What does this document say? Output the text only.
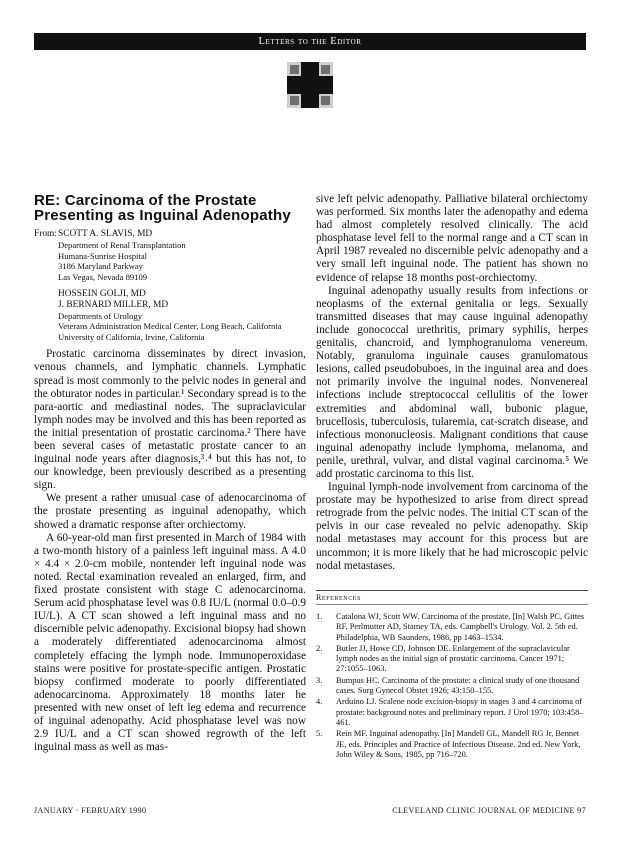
Letters to the Editor
RE: Carcinoma of the Prostate Presenting as Inguinal Adenopathy
From: SCOTT A. SLAVIS, MD
Department of Renal Transplantation
Humana-Sunrise Hospital
3186 Maryland Parkway
Las Vegas, Nevada 89109
HOSSEIN GOLJI, MD
J. BERNARD MILLER, MD
Departments of Urology
Veterans Administration Medical Center, Long Beach, California
University of California, Irvine, California

Prostatic carcinoma disseminates by direct invasion, venous channels, and lymphatic channels. Lymphatic spread is most commonly to the pelvic nodes in general and the obturator nodes in particular.¹ Secondary spread is to the para-aortic and mediastinal nodes. The supraclavicular lymph nodes may be involved and this has been reported as the initial presentation of prostatic carcinoma.² There have been several cases of metastatic prostate cancer to an inguinal node years after diagnosis,³˒⁴ but this has not, to our knowledge, been previously described as a presenting sign.

We present a rather unusual case of adenocarcinoma of the prostate presenting as inguinal adenopathy, which showed a dramatic response after orchiectomy.

A 60-year-old man first presented in March of 1984 with a two-month history of a painless left inguinal mass. A 4.0 × 4.4 × 2.0-cm mobile, nontender left inguinal node was noted. Rectal examination revealed an enlarged, firm, and fixed prostate consistent with stage C adenocarcinoma. Serum acid phosphatase level was 0.8 IU/L (normal 0.0–0.9 IU/L). A CT scan showed a left inguinal mass and no discernible pelvic adenopathy. Excisional biopsy had shown a moderately differentiated adenocarcinoma almost completely effacing the lymph node. Immunoperoxidase stains were positive for prostate-specific antigen. Prostatic biopsy confirmed moderate to poorly differentiated adenocarcinoma. Approximately 18 months later he presented with new onset of left leg edema and recurrence of inguinal adenopathy. Acid phosphatase level was now 2.9 IU/L and a CT scan showed regrowth of the left inguinal mass as well as mas-

sive left pelvic adenopathy. Palliative bilateral orchiectomy was performed. Six months later the adenopathy and edema had almost completely resolved clinically. The acid phosphatase level fell to the normal range and a CT scan in April 1987 revealed no discernible pelvic adenopathy and a very small left inguinal node. The patient has shown no evidence of relapse 18 months post-orchiectomy.

Inguinal adenopathy usually results from infections or neoplasms of the external genitalia or legs. Sexually transmitted diseases that may cause inguinal adenopathy include gonococcal urethritis, primary syphilis, herpes genitalis, chancroid, and lymphogranuloma venereum. Notably, granuloma inguinale causes granulomatous lesions, called pseudobuboes, in the inguinal area and does not primarily involve the inguinal nodes. Nonvenereal infections include streptococcal cellulitis of the lower extremities and abdominal wall, bubonic plague, brucellosis, tuberculosis, tularemia, cat-scratch disease, and infectious mononucleosis. Malignant conditions that cause inguinal adenopathy include lymphoma, melanoma, and penile, urethral, vulvar, and distal vaginal carcinoma.⁵ We add prostatic carcinoma to this list.

Inguinal lymph-node involvement from carcinoma of the prostate may be hypothesized to arise from direct spread retrograde from the pelvic nodes. The initial CT scan of the pelvis in our case revealed no pelvic adenopathy. Skip nodal metastases may account for this process but are uncommon; it is more likely that he had microscopic pelvic nodal metastases.

References
1.	Catalona WJ, Scott WW. Carcinoma of the prostate. [In] Walsh PC, Gittes RF, Perlmutter AD, Stamey TA, eds. Campbell's Urology. Vol. 2. 5th ed. Philadelphia, WB Saunders, 1986, pp 1463–1534.
2.	Butler JJ, Howe CD, Johnson DE. Enlargement of the supraclavicular lymph nodes as the initial sign of prostatic carcinoma. Cancer 1971; 27:1055–1063.
3.	Bumpus HC. Carcinoma of the prostate: a clinical study of one thousand cases. Surg Gynecol Obstet 1926; 43:150–155.
4.	Arduino LJ. Scalene node excision-biopsy in stages 3 and 4 carcinoma of prostate: background notes and preliminary report. J Urol 1970; 103:458–461.
5.	Rein MF. Inguinal adenopathy. [In] Mandell GL, Mandell RG Jr, Bennet JE, eds. Principles and Practice of Infectious Disease. 2nd ed. New York, John Wiley & Sons, 1985, pp 716–720.
JANUARY · FEBRUARY 1990	CLEVELAND CLINIC JOURNAL OF MEDICINE 97
